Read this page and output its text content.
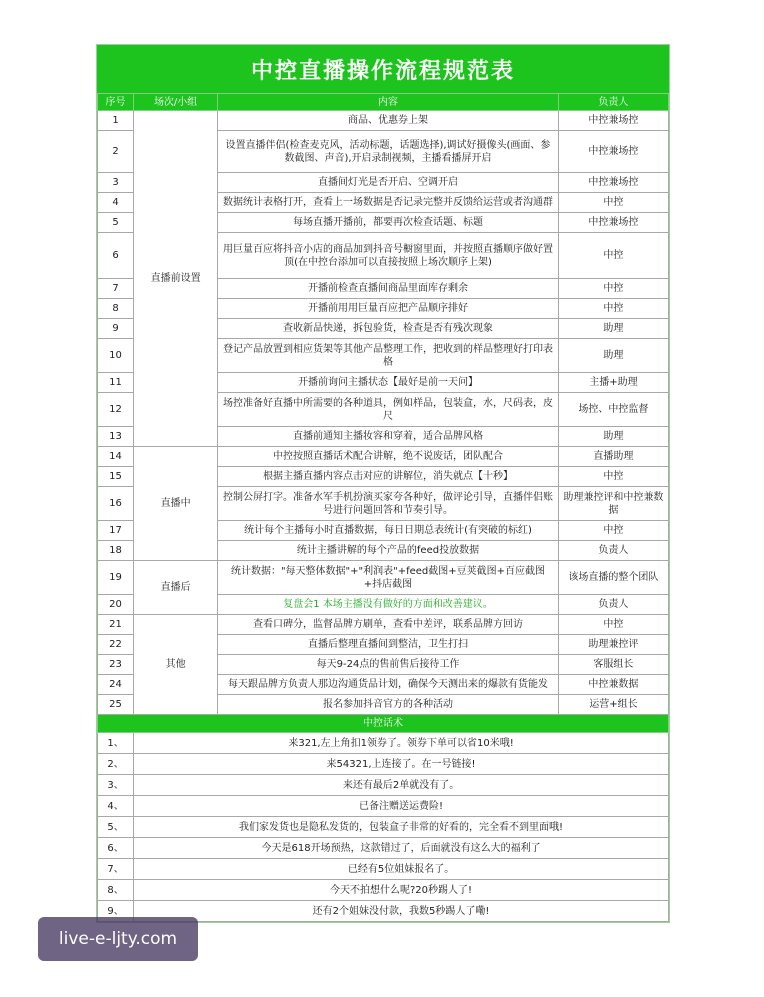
中控直播操作流程规范表
序号	场次/小组	内容	负责人
1	直播前设置	商品、优惠券上架	中控兼场控
2		设置直播伴侣(检查麦克风，活动标题，话题选择),调试好摄像头(画面、参数截图、声音),开启录制视频，主播看播屏开启	中控兼场控
3		直播间灯光是否开启、空调开启	中控兼场控
4		数据统计表格打开，查看上一场数据是否记录完整并反馈给运营或者沟通群	中控
5		每场直播开播前，都要再次检查话题、标题	中控兼场控
6		用巨量百应将抖音小店的商品加到抖音号橱窗里面，并按照直播顺序做好置顶(在中控台添加可以直接按照上场次顺序上架)	中控
7		开播前检查直播间商品里面库存剩余	中控
8		开播前用用巨量百应把产品顺序排好	中控
9		查收新品快递，拆包验货，检查是否有残次现象	助理
10		登记产品放置到相应货架等其他产品整理工作，把收到的样品整理好打印表格	助理
11		开播前询问主播状态【最好是前一天问】	主播+助理
12		场控准备好直播中所需要的各种道具，例如样品，包装盒，水，尺码表，皮尺	场控、中控监督
13		直播前通知主播妆容和穿着，适合品牌风格	助理
14	直播中	中控按照直播话术配合讲解，绝不说废话，团队配合	直播助理
15		根据主播直播内容点击对应的讲解位，消失就点【十秒】	中控
16		控制公屏打字。准备水军手机扮演买家夸各种好，做评论引导，直播伴侣账号进行问题回答和节奏引导。	助理兼控评和中控兼数据
17		统计每个主播每小时直播数据，每日日期总表统计(有突破的标红)	中控
18		统计主播讲解的每个产品的feed投放数据	负责人
19	直播后	统计数据："每天整体数据"+"利润表"+feed截图+豆荚截图+百应截图+抖店截图	该场直播的整个团队
20		复盘会1 本场主播没有做好的方面和改善建议。	负责人
21	其他	查看口碑分，监督品牌方刷单，查看中差评，联系品牌方回访	中控
22		直播后整理直播间到整洁，卫生打扫	助理兼控评
23		每天9-24点的售前售后接待工作	客服组长
24		每天跟品牌方负责人那边沟通货品计划，确保今天测出来的爆款有货能发	中控兼数据
25		报名参加抖音官方的各种活动	运营+组长
中控话术			
1、	来321,左上角扣1领券了。领券下单可以省10米哦!		
2、	来54321,上连接了。在一号链接!		
3、	来还有最后2单就没有了。		
4、	已备注赠送运费险!		
5、	我们家发货也是隐私发货的，包装盒子非常的好看的，完全看不到里面哦!		
6、	今天是618开场预热，这款错过了，后面就没有这么大的福利了		
7、	已经有5位姐妹报名了。		
8、	今天不拍想什么呢?20秒踢人了!		
9、	还有2个姐妹没付款，我数5秒踢人了嘞!		
live-e-ljty.com
